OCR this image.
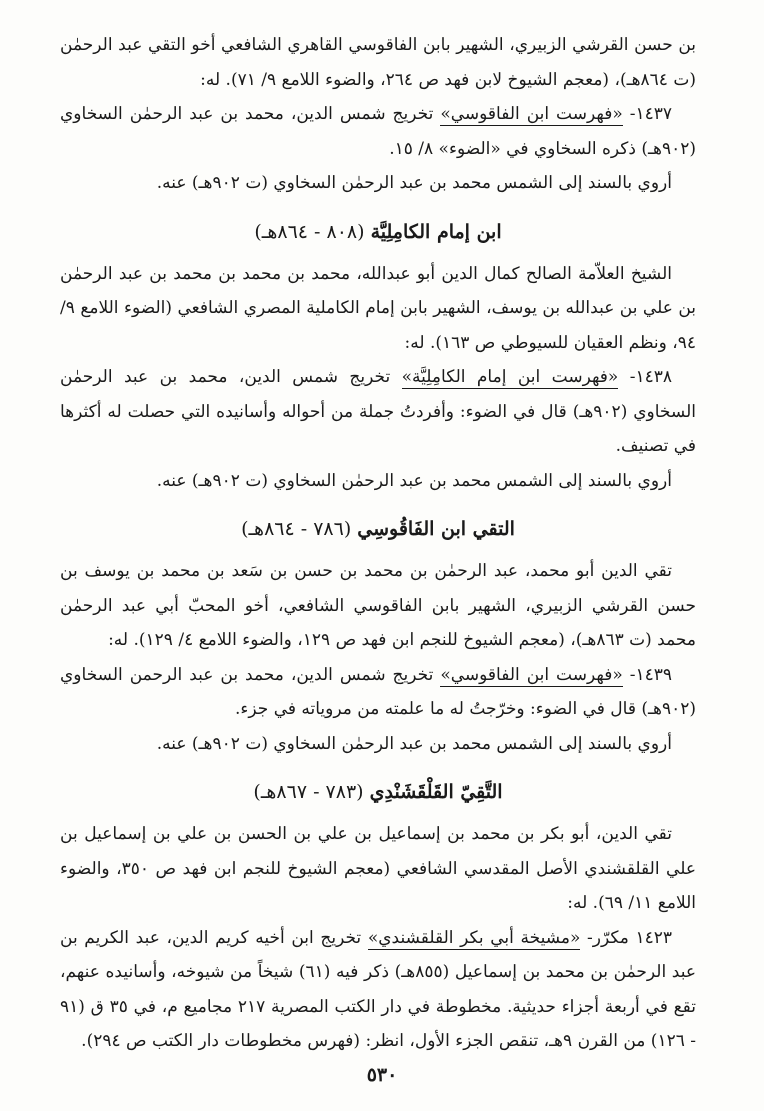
بن حسن القرشي الزبيري، الشهير بابن الفاقوسي القاهري الشافعي أخو التقي عبد الرحمٰن (ت ٨٦٤هـ)، (معجم الشيوخ لابن فهد ص ٢٦٤، والضوء اللامع ٩/ ٧١). له:

١٤٣٧- «فهرست ابن الفاقوسي» تخريج شمس الدين، محمد بن عبد الرحمٰن السخاوي (٩٠٢هـ) ذكره السخاوي في «الضوء» ٨/ ١٥.

أروي بالسند إلى الشمس محمد بن عبد الرحمٰن السخاوي (ت ٩٠٢هـ) عنه.

ابن إمام الكامِلِيَّة (٨٠٨ - ٨٦٤هـ)

الشيخ العلاّمة الصالح كمال الدين أبو عبدالله، محمد بن محمد بن محمد بن عبد الرحمٰن بن علي بن عبدالله بن يوسف، الشهير بابن إمام الكاملية المصري الشافعي (الضوء اللامع ٩/ ٩٤، ونظم العقيان للسيوطي ص ١٦٣). له:

١٤٣٨- «فهرست ابن إمام الكامِلِيَّة» تخريج شمس الدين، محمد بن عبد الرحمٰن السخاوي (٩٠٢هـ) قال في الضوء: وأفردتُ جملة من أحواله وأسانيده التي حصلت له أكثرها في تصنيف.

أروي بالسند إلى الشمس محمد بن عبد الرحمٰن السخاوي (ت ٩٠٢هـ) عنه.

التقي ابن الفَاقُوسِي (٧٨٦ - ٨٦٤هـ)

تقي الدين أبو محمد، عبد الرحمٰن بن محمد بن حسن بن سَعد بن محمد بن يوسف بن حسن القرشي الزبيري، الشهير بابن الفاقوسي الشافعي، أخو المحبّ أبي عبد الرحمٰن محمد (ت ٨٦٣هـ)، (معجم الشيوخ للنجم ابن فهد ص ١٢٩، والضوء اللامع ٤/ ١٢٩). له:

١٤٣٩- «فهرست ابن الفاقوسي» تخريج شمس الدين، محمد بن عبد الرحمن السخاوي (٩٠٢هـ) قال في الضوء: وخرّجتُ له ما علمته من مروياته في جزء.

أروي بالسند إلى الشمس محمد بن عبد الرحمٰن السخاوي (ت ٩٠٢هـ) عنه.

التَّقِيّ القَلْقَشَنْدِي (٧٨٣ - ٨٦٧هـ)

تقي الدين، أبو بكر بن محمد بن إسماعيل بن علي بن الحسن بن علي بن إسماعيل بن علي القلقشندي الأصل المقدسي الشافعي (معجم الشيوخ للنجم ابن فهد ص ٣٥٠، والضوء اللامع ١١/ ٦٩). له:

١٤٢٣ مكرّر- «مشيخة أبي بكر القلقشندي» تخريج ابن أخيه كريم الدين، عبد الكريم بن عبد الرحمٰن بن محمد بن إسماعيل (٨٥٥هـ) ذكر فيه (٦١) شيخاً من شيوخه، وأسانيده عنهم، تقع في أربعة أجزاء حديثية. مخطوطة في دار الكتب المصرية ٢١٧ مجاميع م، في ٣٥ ق (٩١ - ١٢٦) من القرن ٩هـ، تنقص الجزء الأول، انظر: (فهرس مخطوطات دار الكتب ص ٢٩٤).

٥٣٠
